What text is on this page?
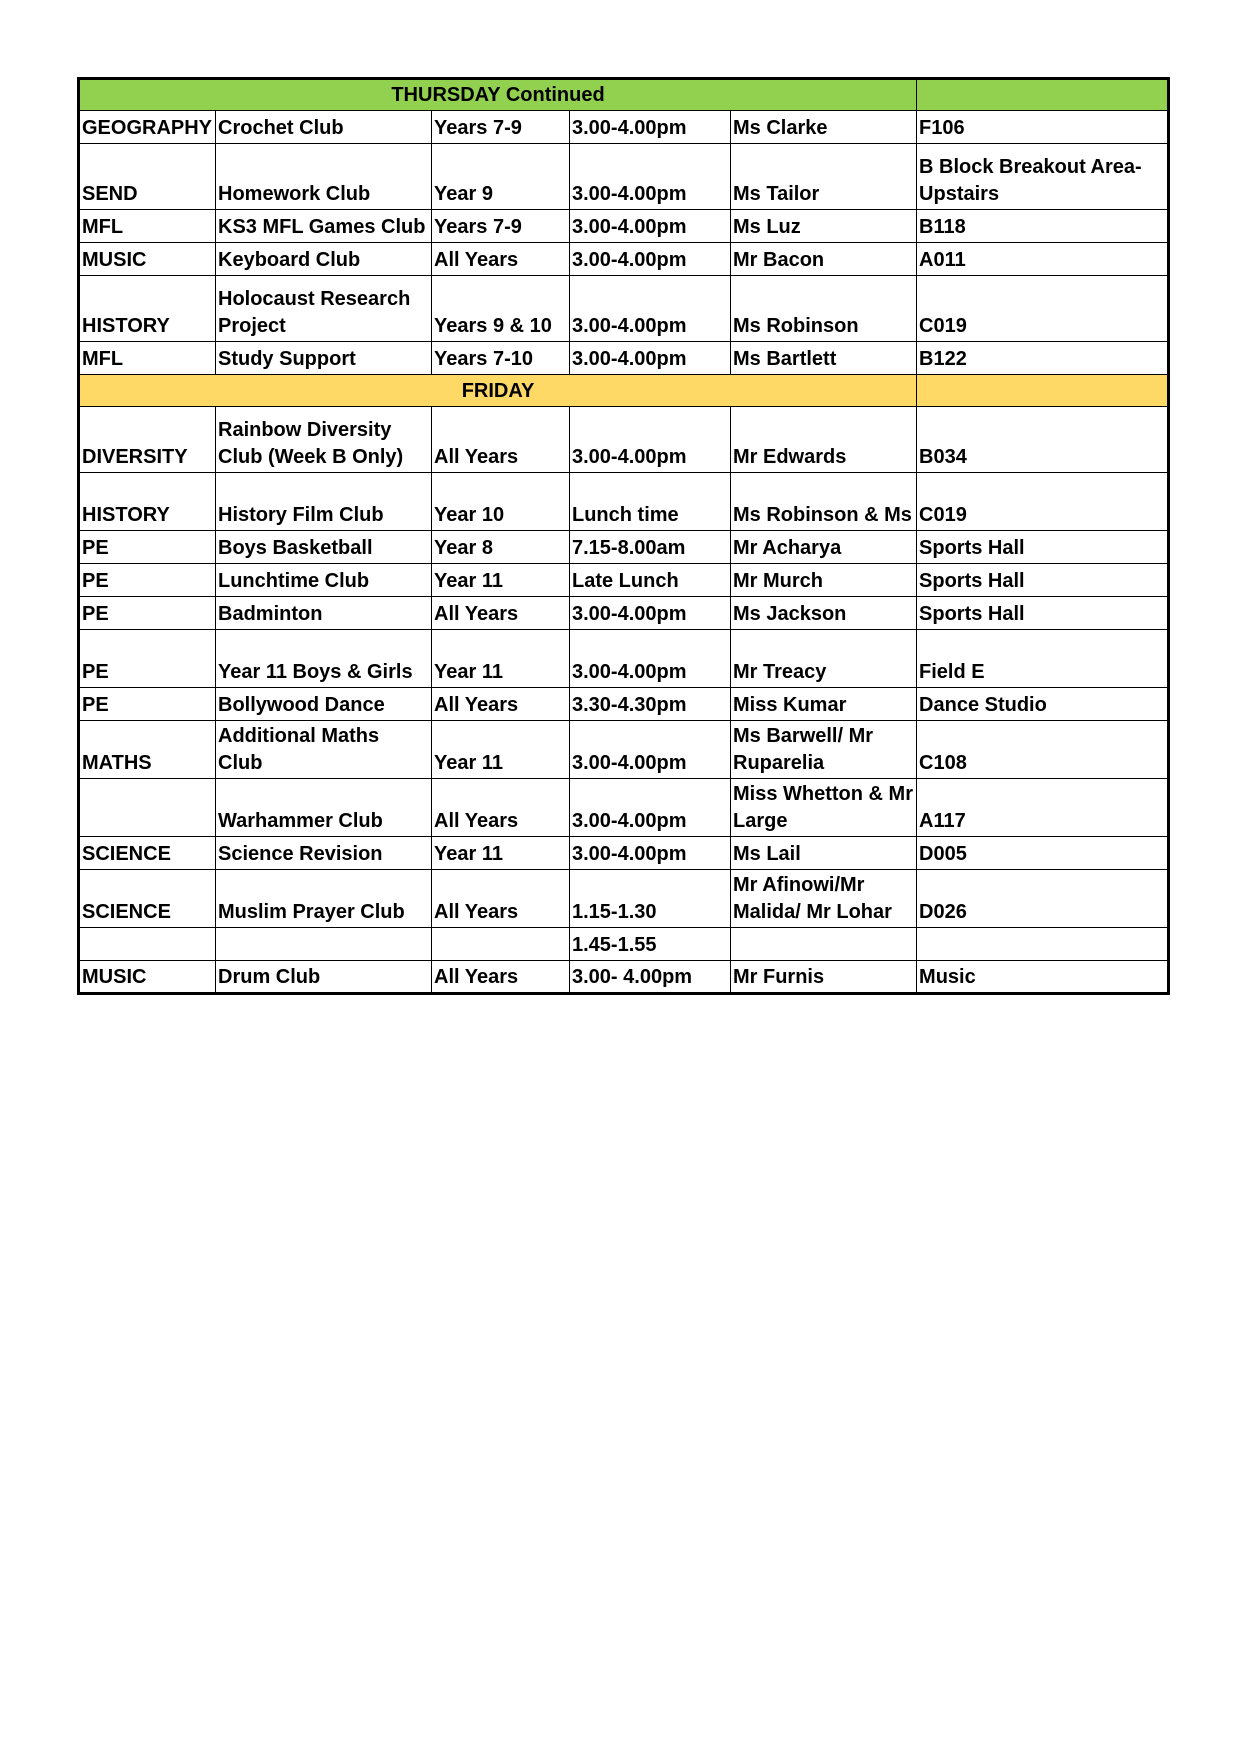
THURSDAY Continued					
GEOGRAPHY	Crochet Club	Years 7-9	3.00-4.00pm	Ms Clarke	F106
SEND	Homework Club	Year 9	3.00-4.00pm	Ms Tailor	B Block Breakout Area-Upstairs
MFL	KS3 MFL Games Club	Years 7-9	3.00-4.00pm	Ms Luz	B118
MUSIC	Keyboard Club	All Years	3.00-4.00pm	Mr Bacon	A011
HISTORY	Holocaust Research Project	Years 9 & 10	3.00-4.00pm	Ms Robinson	C019
MFL	Study Support	Years 7-10	3.00-4.00pm	Ms Bartlett	B122
FRIDAY					
DIVERSITY	Rainbow Diversity Club (Week B Only)	All Years	3.00-4.00pm	Mr Edwards	B034
HISTORY	History Film Club	Year 10	Lunch time	Ms Robinson & Ms	C019
PE	Boys Basketball	Year 8	7.15-8.00am	Mr Acharya	Sports Hall
PE	Lunchtime Club	Year 11	Late Lunch	Mr Murch	Sports Hall
PE	Badminton	All Years	3.00-4.00pm	Ms Jackson	Sports Hall
PE	Year 11 Boys & Girls	Year 11	3.00-4.00pm	Mr Treacy	Field E
PE	Bollywood Dance	All Years	3.30-4.30pm	Miss Kumar	Dance Studio
MATHS	Additional Maths Club	Year 11	3.00-4.00pm	Ms Barwell/ Mr Ruparelia	C108
	Warhammer Club	All Years	3.00-4.00pm	Miss Whetton & Mr Large	A117
SCIENCE	Science Revision	Year 11	3.00-4.00pm	Ms Lail	D005
SCIENCE	Muslim Prayer Club	All Years	1.15-1.30	Mr Afinowi/Mr Malida/ Mr Lohar	D026
			1.45-1.55		
MUSIC	Drum Club	All Years	3.00- 4.00pm	Mr Furnis	Music
